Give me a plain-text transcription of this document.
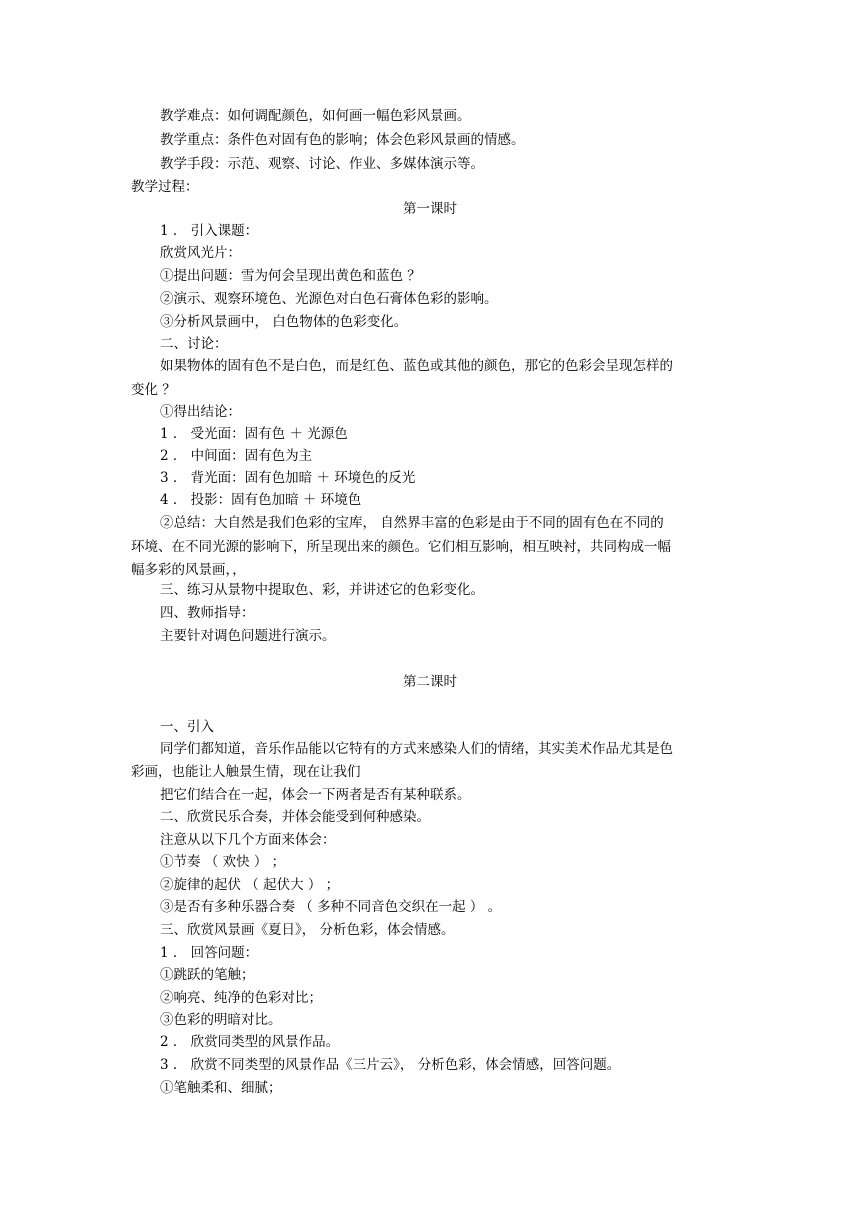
教学难点：如何调配颜色，如何画一幅色彩风景画。
教学重点：条件色对固有色的影响；体会色彩风景画的情感。
教学手段：示范、观察、讨论、作业、多媒体演示等。
教学过程：
第一课时
1 ． 引入课题：
欣赏风光片：
①提出问题：雪为何会呈现出黄色和蓝色 ？
②演示、观察环境色、光源色对白色石膏体色彩的影响。
③分析风景画中， 白色物体的色彩变化。
二、讨论：
如果物体的固有色不是白色，而是红色、蓝色或其他的颜色，那它的色彩会呈现怎样的
变化 ？
①得出结论：
1 ． 受光面：固有色 ＋ 光源色
2 ． 中间面：固有色为主
3 ． 背光面：固有色加暗 ＋ 环境色的反光
4 ． 投影：固有色加暗 ＋ 环境色
②总结：大自然是我们色彩的宝库， 自然界丰富的色彩是由于不同的固有色在不同的
环境、在不同光源的影响下，所呈现出来的颜色。它们相互影响，相互映衬，共同构成一幅
幅多彩的风景画，，
三、练习从景物中提取色、彩，并讲述它的色彩变化。
四、教师指导：
主要针对调色问题进行演示。
第二课时
一、引入
同学们都知道，音乐作品能以它特有的方式来感染人们的情绪，其实美术作品尤其是色
彩画，也能让人触景生情，现在让我们
把它们结合在一起，体会一下两者是否有某种联系。
二、欣赏民乐合奏，并体会能受到何种感染。
注意从以下几个方面来体会：
①节奏 （ 欢快 ） ；
②旋律的起伏 （ 起伏大 ） ；
③是否有多种乐器合奏 （ 多种不同音色交织在一起 ） 。
三、欣赏风景画《夏日》， 分析色彩，体会情感。
1 ． 回答问题：
①跳跃的笔触；
②响亮、纯净的色彩对比；
③色彩的明暗对比。
2 ． 欣赏同类型的风景作品。
3 ． 欣赏不同类型的风景作品《三片云》， 分析色彩，体会情感，回答问题。
①笔触柔和、细腻；
